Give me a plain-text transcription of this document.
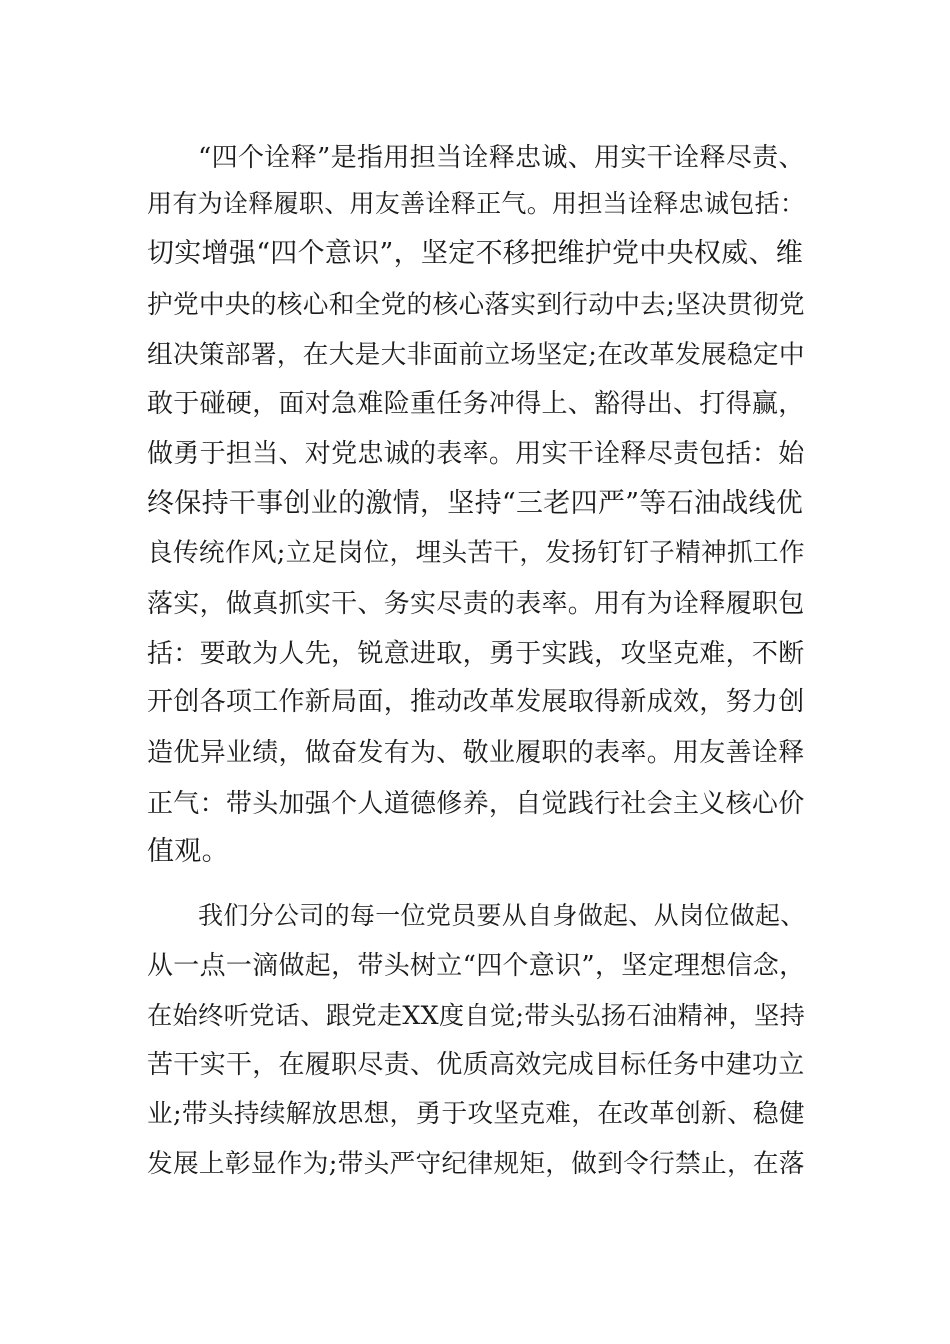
“四个诠释”是指用担当诠释忠诚、用实干诠释尽责、

用有为诠释履职、用友善诠释正气。用担当诠释忠诚包括：

切实增强“四个意识”，坚定不移把维护党中央权威、维

护党中央的核心和全党的核心落实到行动中去;坚决贯彻党

组决策部署，在大是大非面前立场坚定;在改革发展稳定中

敢于碰硬，面对急难险重任务冲得上、豁得出、打得赢，

做勇于担当、对党忠诚的表率。用实干诠释尽责包括：始

终保持干事创业的激情，坚持“三老四严”等石油战线优

良传统作风;立足岗位，埋头苦干，发扬钉钉子精神抓工作

落实，做真抓实干、务实尽责的表率。用有为诠释履职包

括：要敢为人先，锐意进取，勇于实践，攻坚克难，不断

开创各项工作新局面，推动改革发展取得新成效，努力创

造优异业绩，做奋发有为、敬业履职的表率。用友善诠释

正气：带头加强个人道德修养，自觉践行社会主义核心价

值观。

我们分公司的每一位党员要从自身做起、从岗位做起、

从一点一滴做起，带头树立“四个意识”，坚定理想信念，

在始终听党话、跟党走XX度自觉;带头弘扬石油精神，坚持

苦干实干，在履职尽责、优质高效完成目标任务中建功立

业;带头持续解放思想，勇于攻坚克难，在改革创新、稳健

发展上彰显作为;带头严守纪律规矩，做到令行禁止，在落
